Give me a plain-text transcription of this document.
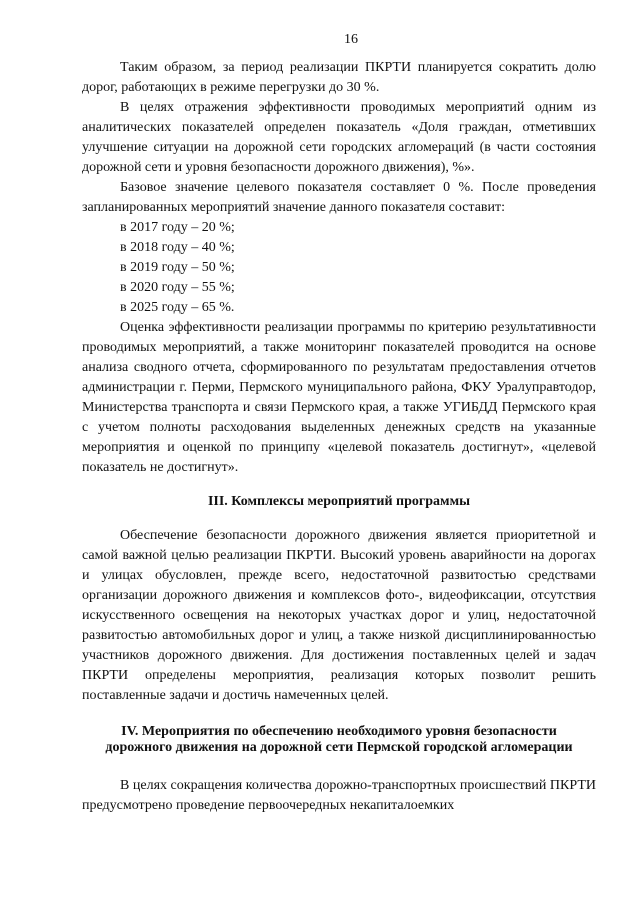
16

Таким образом, за период реализации ПКРТИ планируется сократить долю дорог, работающих в режиме перегрузки до 30 %.

В целях отражения эффективности проводимых мероприятий одним из аналитических показателей определен показатель «Доля граждан, отметивших улучшение ситуации на дорожной сети городских агломераций (в части состояния дорожной сети и уровня безопасности дорожного движения), %».

Базовое значение целевого показателя составляет 0 %. После проведения запланированных мероприятий значение данного показателя составит:

в 2017 году – 20 %;
в 2018 году – 40 %;
в 2019 году – 50 %;
в 2020 году – 55 %;
в 2025 году – 65 %.

Оценка эффективности реализации программы по критерию результативности проводимых мероприятий, а также мониторинг показателей проводится на основе анализа сводного отчета, сформированного по результатам предоставления отчетов администрации г. Перми, Пермского муниципального района, ФКУ Уралуправтодор, Министерства транспорта и связи Пермского края, а также УГИБДД Пермского края с учетом полноты расходования выделенных денежных средств на указанные мероприятия и оценкой по принципу «целевой показатель достигнут», «целевой показатель не достигнут».

III. Комплексы мероприятий программы

Обеспечение безопасности дорожного движения является приоритетной и самой важной целью реализации ПКРТИ. Высокий уровень аварийности на дорогах и улицах обусловлен, прежде всего, недостаточной развитостью средствами организации дорожного движения и комплексов фото-, видеофиксации, отсутствия искусственного освещения на некоторых участках дорог и улиц, недостаточной развитостью автомобильных дорог и улиц, а также низкой дисциплинированностью участников дорожного движения. Для достижения поставленных целей и задач ПКРТИ определены мероприятия, реализация которых позволит решить поставленные задачи и достичь намеченных целей.

IV. Мероприятия по обеспечению необходимого уровня безопасности
дорожного движения на дорожной сети Пермской городской агломерации

В целях сокращения количества дорожно-транспортных происшествий ПКРТИ предусмотрено проведение первоочередных некапиталоемких
